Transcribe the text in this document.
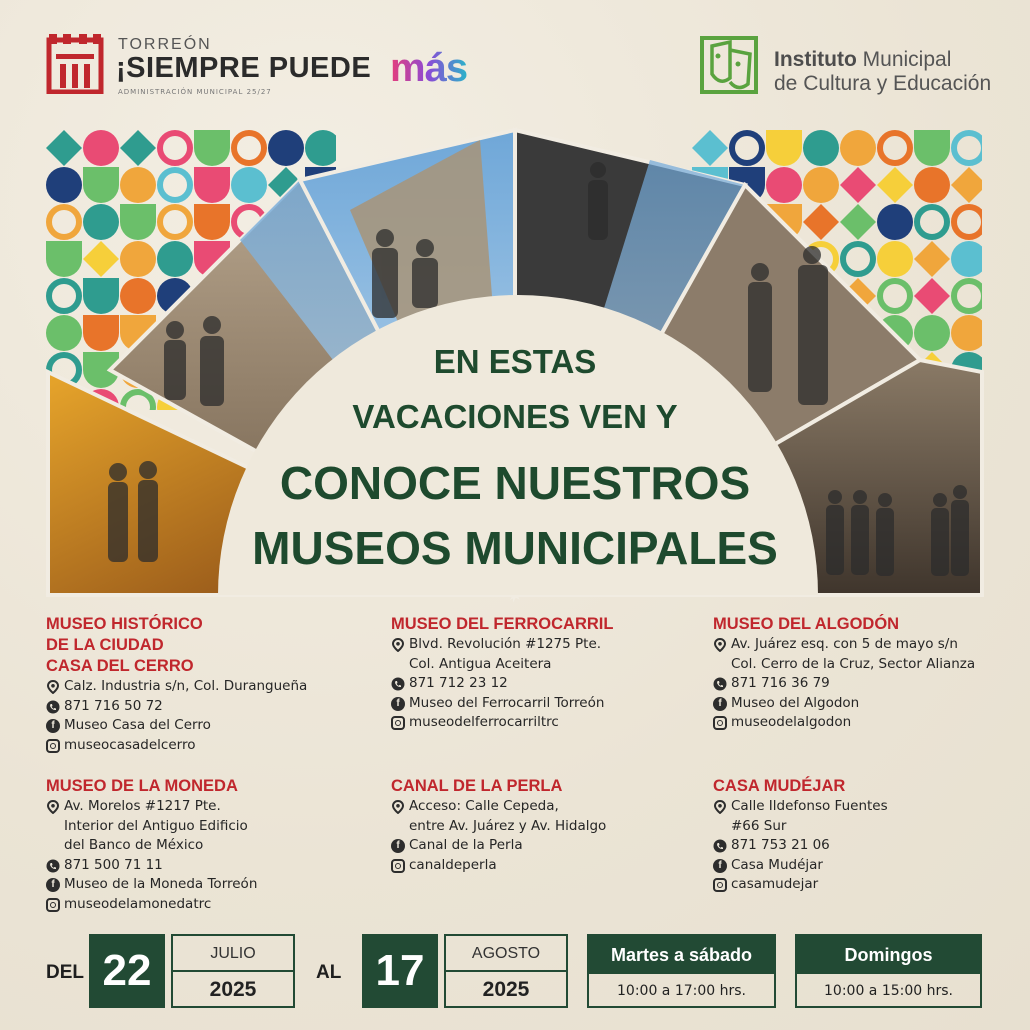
TORREÓN
¡SIEMPRE PUEDE más
ADMINISTRACIÓN MUNICIPAL 25/27
Instituto Municipal
de Cultura y Educación
EN ESTAS
VACACIONES VEN Y
CONOCE NUESTROS
MUSEOS MUNICIPALES
MUSEO HISTÓRICO
DE LA CIUDAD
CASA DEL CERRO
Calz. Industria s/n, Col. Durangueña
871 716 50 72
f Museo Casa del Cerro
museocasadelcerro
MUSEO DEL FERROCARRIL
Blvd. Revolución #1275 Pte.
Col. Antigua Aceitera
871 712 23 12
f Museo del Ferrocarril Torreón
museodelferrocarriltrc
MUSEO DEL ALGODÓN
Av. Juárez esq. con 5 de mayo s/n
Col. Cerro de la Cruz, Sector Alianza
871 716 36 79
f Museo del Algodon
museodelalgodon
MUSEO DE LA MONEDA
Av. Morelos #1217 Pte.
Interior del Antiguo Edificio
del Banco de México
871 500 71 11
f Museo de la Moneda Torreón
museodelamonedatrc
CANAL DE LA PERLA
Acceso: Calle Cepeda,
entre Av. Juárez y Av. Hidalgo
f Canal de la Perla
canaldeperla
CASA MUDÉJAR
Calle Ildefonso Fuentes
#66 Sur
871 753 21 06
f Casa Mudéjar
casamudejar
DEL 22	JULIO
2025
AL 17	AGOSTO
2025
Martes a sábado
10:00 a 17:00 hrs.
Domingos
10:00 a 15:00 hrs.
